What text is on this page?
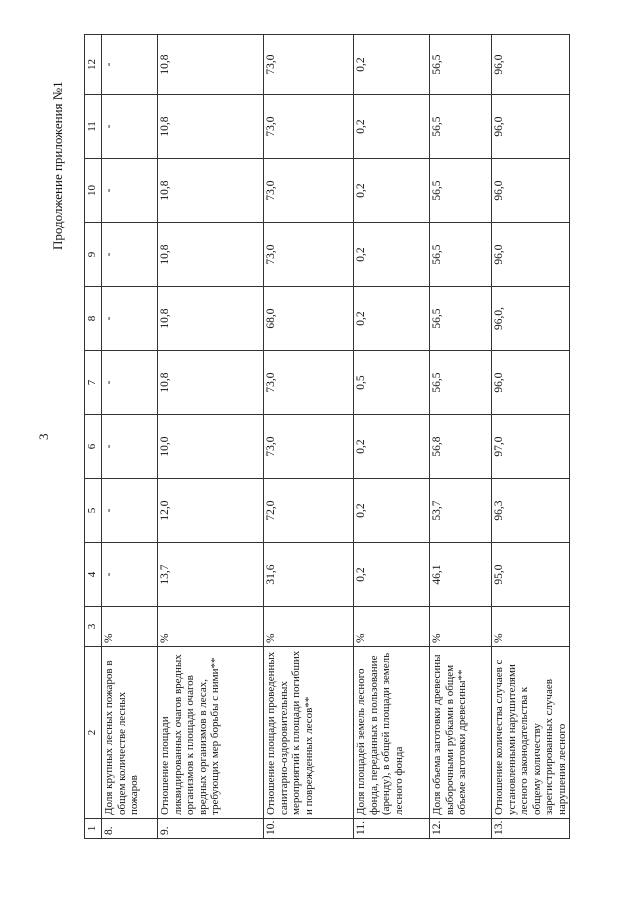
3
Продолжение приложения №1
1	2	3	4	5	6	7	8	9	10	11	12
8.	Доля крупных лесных пожаров в общем количестве лесных пожаров	%	-	-	-	-	-	-	-	-	-
9.	Отношение площади ликвидированных очагов вредных организмов к площади очагов вредных организмов в лесах, требующих мер борьбы с ними**	%	13,7	12,0	10,0	10,8	10,8	10,8	10,8	10,8	10,8
10.	Отношение площади проведенных санитарно-оздоровительных мероприятий к площади погибших и поврежденных лесов**	%	31,6	72,0	73,0	73,0	68,0	73,0	73,0	73,0	73,0
11.	Доля площадей земель лесного фонда, переданных в пользование (аренду), в общей площади земель лесного фонда	%	0,2	0,2	0,2	0,5	0,2	0,2	0,2	0,2	0,2
12.	Доля объема заготовки древесины выборочными рубками в общем объеме заготовки древесины**	%	46,1	53,7	56,8	56,5	56,5	56,5	56,5	56,5	56,5
13.	Отношение количества случаев с установленными нарушителями лесного законодательства к общему количеству зарегистрированных случаев нарушения лесного	%	95,0	96,3	97,0	96,0	96,0,	96,0	96,0	96,0	96,0
